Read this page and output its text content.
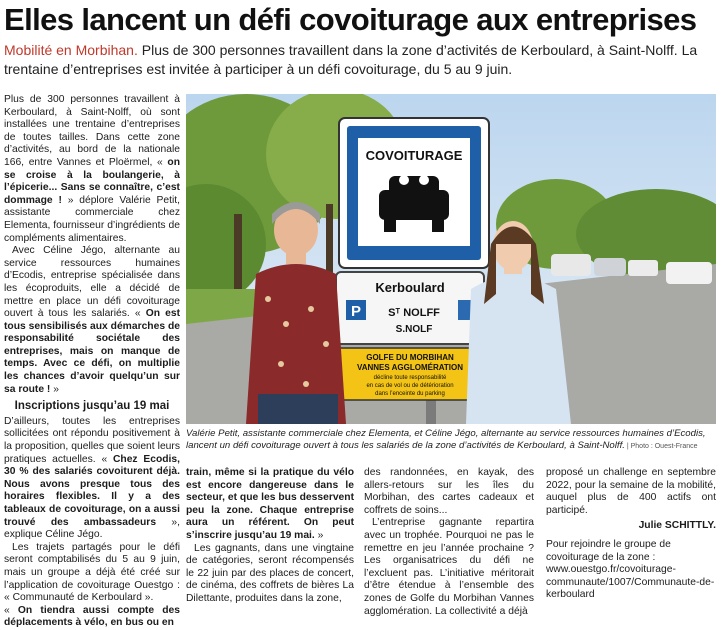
Elles lancent un défi covoiturage aux entreprises
Mobilité en Morbihan. Plus de 300 personnes travaillent dans la zone d’activités de Kerboulard, à Saint-Nolff. La trentaine d’entreprises est invitée à participer à un défi covoiturage, du 5 au 9 juin.

Plus de 300 personnes travaillent à Kerboulard, à Saint-Nolff, où sont installées une trentaine d’entreprises de toutes tailles. Dans cette zone d’activités, au bord de la nationale 166, entre Vannes et Ploërmel, « on se croise à la boulangerie, à l’épicerie... Sans se connaître, c’est dommage ! » déplore Valérie Petit, assistante commerciale chez Elementa, fournisseur d’ingrédients de compléments alimentaires.

Avec Céline Jégo, alternante au service ressources humaines d’Ecodis, entreprise spécialisée dans les écoproduits, elle a décidé de mettre en place un défi covoiturage ouvert à tous les salariés. « On est tous sensibilisés aux démarches de responsabilité sociétale des entreprises, mais on manque de temps. Avec ce défi, on multiplie les chances d’avoir quelqu’un sur sa route ! »

Inscriptions jusqu’au 19 mai

D’ailleurs, toutes les entreprises sollicitées ont répondu positivement à la proposition, quelles que soient leurs pratiques actuelles. « Chez Ecodis, 30 % des salariés covoiturent déjà. Nous avons presque tous des horaires flexibles. Il y a des tableaux de covoiturage, on a aussi trouvé des ambassadeurs », explique Céline Jégo.

Les trajets partagés pour le défi seront comptabilisés du 5 au 9 juin, mais un groupe a déjà été créé sur l’application de covoiturage Ouestgo : « Communauté de Kerboulard ».

« On tiendra aussi compte des déplacements à vélo, en bus ou en

COVOITURAGE
Kerboulard
P Sᵀ NOLFF
S.NOLF
GOLFE DU MORBIHAN
VANNES AGGLOMÉRATION
décline toute responsabilité
en cas de vol ou de détérioration
dans l’enceinte du parking
Valérie Petit, assistante commerciale chez Elementa, et Céline Jégo, alternante au service ressources humaines d’Ecodis, lancent un défi covoiturage ouvert à tous les salariés de la zone d’activités de Kerboulard, à Saint-Nolff. | Photo : Ouest-France

train, même si la pratique du vélo est encore dangereuse dans le secteur, et que les bus desservent peu la zone. Chaque entreprise aura un référent. On peut s’inscrire jusqu’au 19 mai. »

Les gagnants, dans une vingtaine de catégories, seront récompensés le 22 juin par des places de concert, de cinéma, des coffrets de bières La Dilettante, produites dans la zone,

des randonnées, en kayak, des allers-retours sur les îles du Morbihan, des cartes cadeaux et coffrets de soins...

L’entreprise gagnante repartira avec un trophée. Pourquoi ne pas le remettre en jeu l’année prochaine ? Les organisatrices du défi ne l’excluent pas. L’initiative méritorait d’être étendue à l’ensemble des zones de Golfe du Morbihan Vannes agglomération. La collectivité a déjà

proposé un challenge en septembre 2022, pour la semaine de la mobilité, auquel plus de 400 actifs ont participé.

Julie SCHITTLY.

Pour rejoindre le groupe de covoiturage de la zone : www.ouestgo.fr/covoiturage-communaute/1007/Communaute-de-kerboulard
